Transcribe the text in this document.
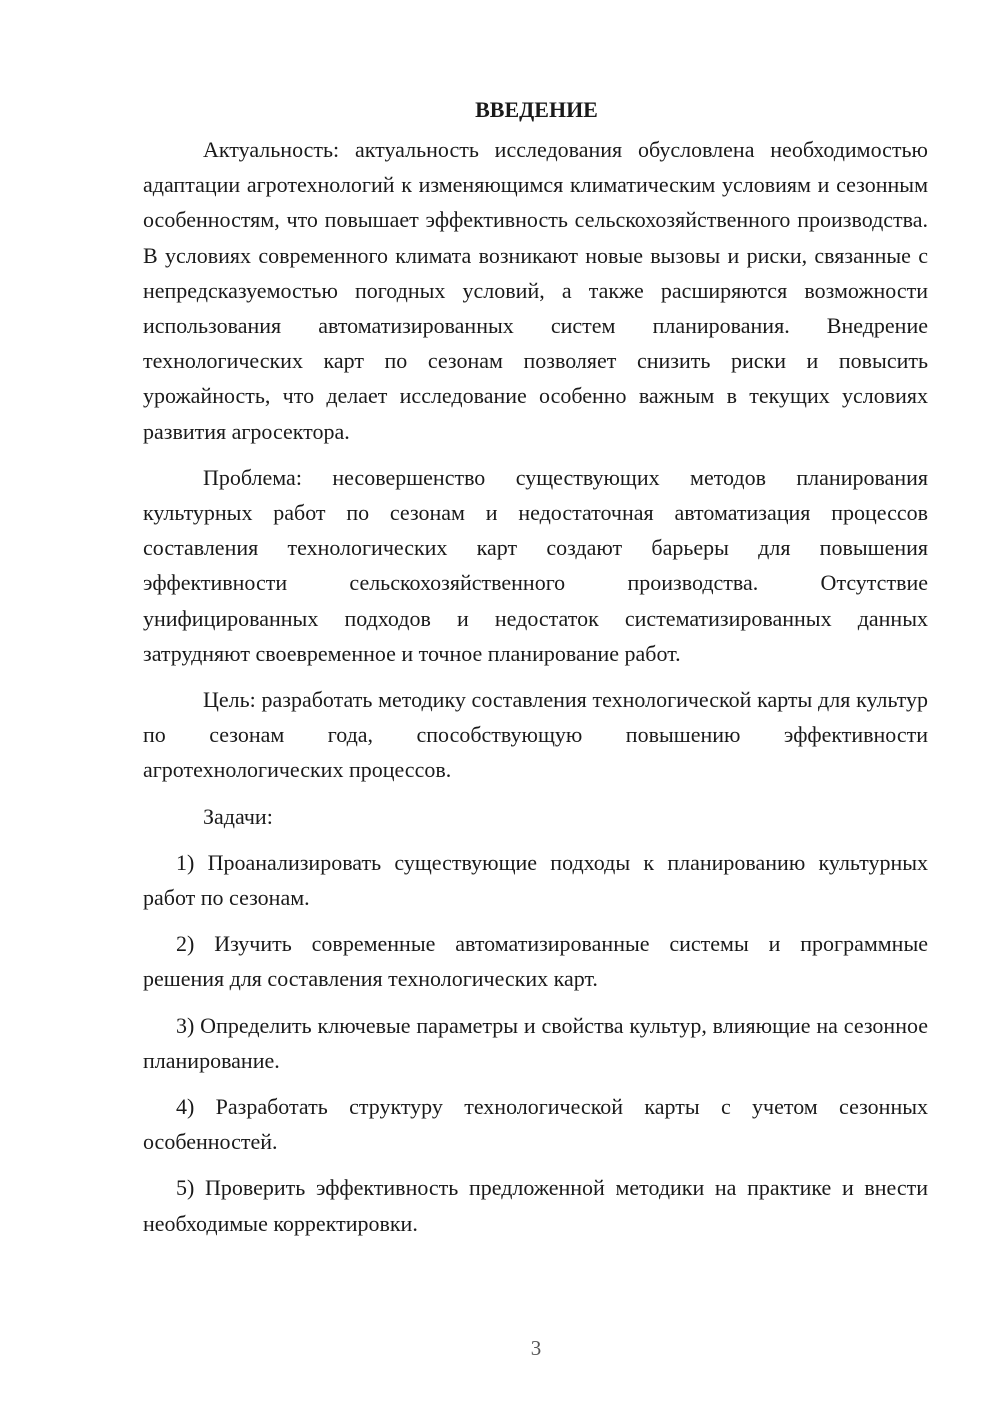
ВВЕДЕНИЕ

Актуальность: актуальность исследования обусловлена необходимостью адаптации агротехнологий к изменяющимся климатическим условиям и сезонным особенностям, что повышает эффективность сельскохозяйственного производства. В условиях современного климата возникают новые вызовы и риски, связанные с непредсказуемостью погодных условий, а также расширяются возможности использования автоматизированных систем планирования. Внедрение технологических карт по сезонам позволяет снизить риски и повысить урожайность, что делает исследование особенно важным в текущих условиях развития агросектора.

Проблема: несовершенство существующих методов планирования культурных работ по сезонам и недостаточная автоматизация процессов составления технологических карт создают барьеры для повышения эффективности сельскохозяйственного производства. Отсутствие унифицированных подходов и недостаток систематизированных данных затрудняют своевременное и точное планирование работ.

Цель: разработать методику составления технологической карты для культур по сезонам года, способствующую повышению эффективности агротехнологических процессов.

Задачи:

1) Проанализировать существующие подходы к планированию культурных работ по сезонам.

2) Изучить современные автоматизированные системы и программные решения для составления технологических карт.

3) Определить ключевые параметры и свойства культур, влияющие на сезонное планирование.

4) Разработать структуру технологической карты с учетом сезонных особенностей.

5) Проверить эффективность предложенной методики на практике и внести необходимые корректировки.

3
